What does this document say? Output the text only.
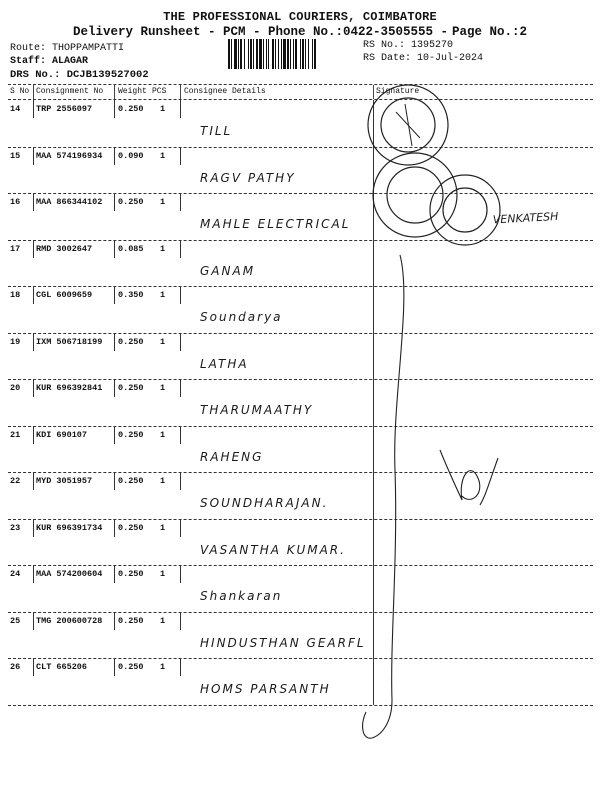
THE PROFESSIONAL COURIERS, COIMBATORE
Delivery Runsheet - PCM - Phone No.:0422-3505555 - Page No.:2
Route: THOPPAMPATTI
Staff: ALAGAR
DRS No.: DCJB139527002
RS No.: 1395270
RS Date: 10-Jul-2024
S No Consignment No Weight PCS Consignee Details	Signature
14 TRP 2556097	0.250 1
TILL
15 MAA 574196934 0.090 1
RAGV PATHY
16 MAA 866344102 0.250 1
MAHLE ELECTRICAL
17 RMD 3002647	0.085 1
GANAM
18 CGL 6009659	0.350 1
Soundarya
19 IXM 506718199 0.250 1
LATHA
20 KUR 696392841 0.250 1
THARUMAATHY
21 KDI 690107	0.250 1
RAHENG
22 MYD 3051957	0.250 1
SOUNDHARAJAN.
23 KUR 696391734 0.250 1
VASANTHA KUMAR.
24 MAA 574200604 0.250 1
Shankaran
25 TMG 200600728 0.250 1
HINDUSTHAN GEARFL
26 CLT 665206	0.250 1
HOMS PARSANTH
VENKATESH
